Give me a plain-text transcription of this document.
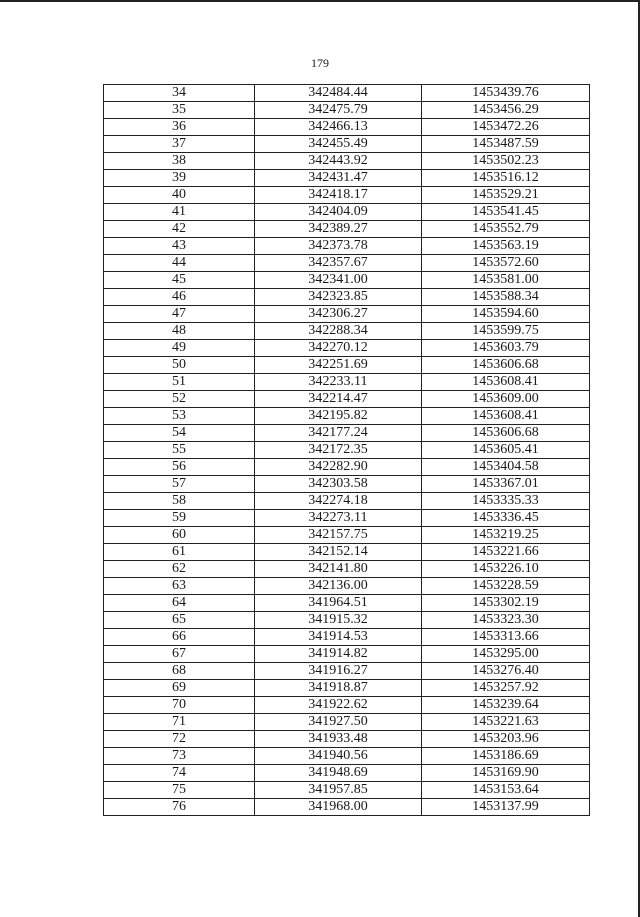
179
34	342484.44	1453439.76
35	342475.79	1453456.29
36	342466.13	1453472.26
37	342455.49	1453487.59
38	342443.92	1453502.23
39	342431.47	1453516.12
40	342418.17	1453529.21
41	342404.09	1453541.45
42	342389.27	1453552.79
43	342373.78	1453563.19
44	342357.67	1453572.60
45	342341.00	1453581.00
46	342323.85	1453588.34
47	342306.27	1453594.60
48	342288.34	1453599.75
49	342270.12	1453603.79
50	342251.69	1453606.68
51	342233.11	1453608.41
52	342214.47	1453609.00
53	342195.82	1453608.41
54	342177.24	1453606.68
55	342172.35	1453605.41
56	342282.90	1453404.58
57	342303.58	1453367.01
58	342274.18	1453335.33
59	342273.11	1453336.45
60	342157.75	1453219.25
61	342152.14	1453221.66
62	342141.80	1453226.10
63	342136.00	1453228.59
64	341964.51	1453302.19
65	341915.32	1453323.30
66	341914.53	1453313.66
67	341914.82	1453295.00
68	341916.27	1453276.40
69	341918.87	1453257.92
70	341922.62	1453239.64
71	341927.50	1453221.63
72	341933.48	1453203.96
73	341940.56	1453186.69
74	341948.69	1453169.90
75	341957.85	1453153.64
76	341968.00	1453137.99
